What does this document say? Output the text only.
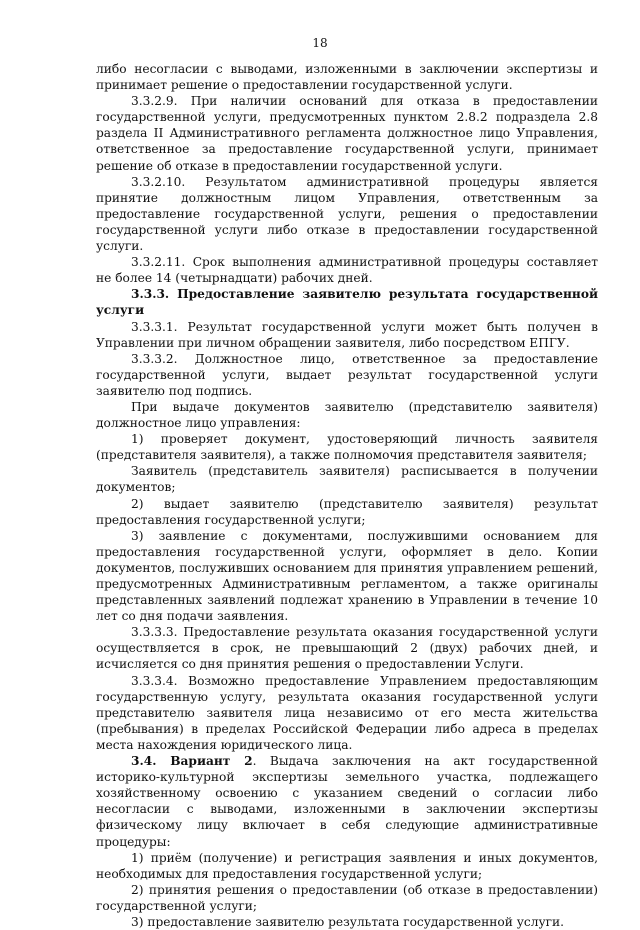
18

либо несогласии с выводами, изложенными в заключении экспертизы и принимает решение о предоставлении государственной услуги.

3.3.2.9. При наличии оснований для отказа в предоставлении государственной услуги, предусмотренных пунктом 2.8.2 подраздела 2.8 раздела II Административного регламента должностное лицо Управления, ответственное за предоставление государственной услуги, принимает решение об отказе в предоставлении государственной услуги.

3.3.2.10. Результатом административной процедуры является принятие должностным лицом Управления, ответственным за предоставление государственной услуги, решения о предоставлении государственной услуги либо отказе в предоставлении государственной услуги.

3.3.2.11. Срок выполнения административной процедуры составляет не более 14 (четырнадцати) рабочих дней.

3.3.3. Предоставление заявителю результата государственной услуги

3.3.3.1. Результат государственной услуги может быть получен в Управлении при личном обращении заявителя, либо посредством ЕПГУ.

3.3.3.2. Должностное лицо, ответственное за предоставление государственной услуги, выдает результат государственной услуги заявителю под подпись.

При выдаче документов заявителю (представителю заявителя) должностное лицо управления:

1) проверяет документ, удостоверяющий личность заявителя (представителя заявителя), а также полномочия представителя заявителя;

Заявитель (представитель заявителя) расписывается в получении документов;

2) выдает заявителю (представителю заявителя) результат предоставления государственной услуги;

3) заявление с документами, послужившими основанием для предоставления государственной услуги, оформляет в дело. Копии документов, послуживших основанием для принятия управлением решений, предусмотренных Административным регламентом, а также оригиналы представленных заявлений подлежат хранению в Управлении в течение 10 лет со дня подачи заявления.

3.3.3.3. Предоставление результата оказания государственной услуги осуществляется в срок, не превышающий 2 (двух) рабочих дней, и исчисляется со дня принятия решения о предоставлении Услуги.

3.3.3.4. Возможно предоставление Управлением предоставляющим государственную услугу, результата оказания государственной услуги представителю заявителя лица независимо от его места жительства (пребывания) в пределах Российской Федерации либо адреса в пределах места нахождения юридического лица.

3.4. Вариант 2. Выдача заключения на акт государственной историко-культурной экспертизы земельного участка, подлежащего хозяйственному освоению с указанием сведений о согласии либо несогласии с выводами, изложенными в заключении экспертизы физическому лицу включает в себя следующие административные процедуры:

1) приём (получение) и регистрация заявления и иных документов, необходимых для предоставления государственной услуги;

2) принятия решения о предоставлении (об отказе в предоставлении) государственной услуги;

3) предоставление заявителю результата государственной услуги.
